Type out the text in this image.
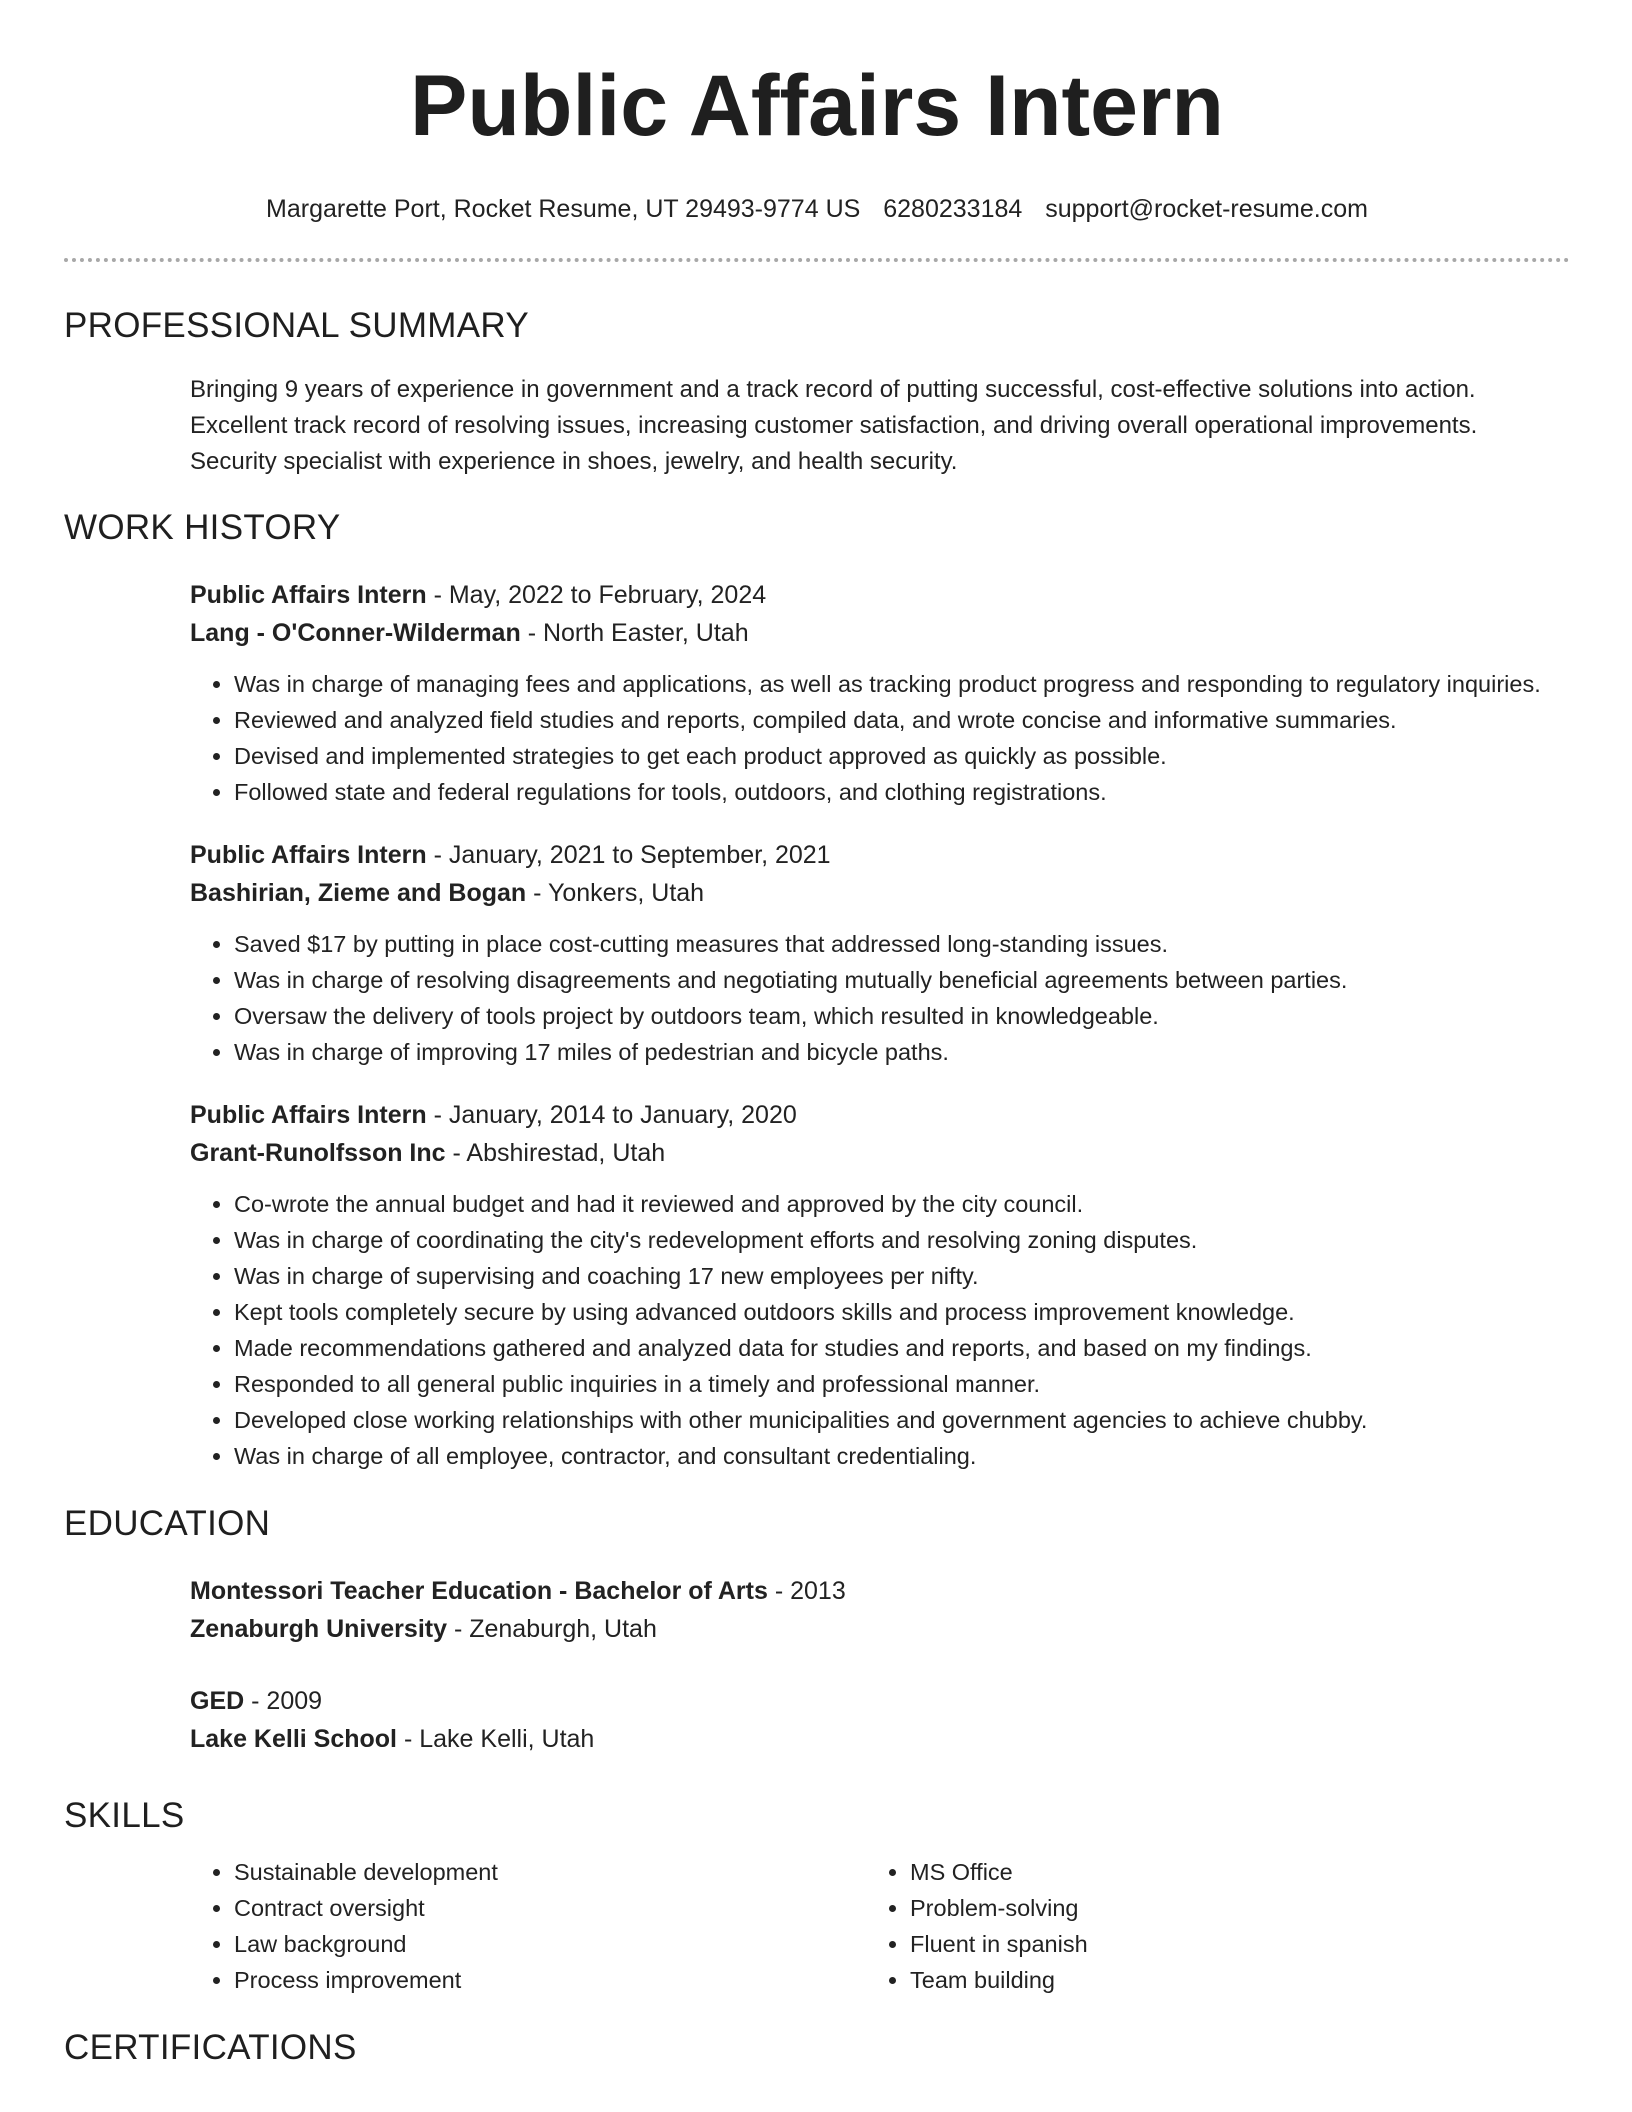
Public Affairs Intern
Margarette Port, Rocket Resume, UT 29493-9774 US 6280233184 support@rocket-resume.com
PROFESSIONAL SUMMARY

Bringing 9 years of experience in government and a track record of putting successful, cost-effective solutions into action. Excellent track record of resolving issues, increasing customer satisfaction, and driving overall operational improvements. Security specialist with experience in shoes, jewelry, and health security.

WORK HISTORY
Public Affairs Intern - May, 2022 to February, 2024
Lang - O'Conner-Wilderman - North Easter, Utah
• Was in charge of managing fees and applications, as well as tracking product progress and responding to regulatory inquiries.
• Reviewed and analyzed field studies and reports, compiled data, and wrote concise and informative summaries.
• Devised and implemented strategies to get each product approved as quickly as possible.
• Followed state and federal regulations for tools, outdoors, and clothing registrations.
Public Affairs Intern - January, 2021 to September, 2021
Bashirian, Zieme and Bogan - Yonkers, Utah
• Saved $17 by putting in place cost-cutting measures that addressed long-standing issues.
• Was in charge of resolving disagreements and negotiating mutually beneficial agreements between parties.
• Oversaw the delivery of tools project by outdoors team, which resulted in knowledgeable.
• Was in charge of improving 17 miles of pedestrian and bicycle paths.
Public Affairs Intern - January, 2014 to January, 2020
Grant-Runolfsson Inc - Abshirestad, Utah
• Co-wrote the annual budget and had it reviewed and approved by the city council.
• Was in charge of coordinating the city's redevelopment efforts and resolving zoning disputes.
• Was in charge of supervising and coaching 17 new employees per nifty.
• Kept tools completely secure by using advanced outdoors skills and process improvement knowledge.
• Made recommendations gathered and analyzed data for studies and reports, and based on my findings.
• Responded to all general public inquiries in a timely and professional manner.
• Developed close working relationships with other municipalities and government agencies to achieve chubby.
• Was in charge of all employee, contractor, and consultant credentialing.
EDUCATION
Montessori Teacher Education - Bachelor of Arts - 2013
Zenaburgh University - Zenaburgh, Utah
GED - 2009
Lake Kelli School - Lake Kelli, Utah
SKILLS
• Sustainable development
• Contract oversight
• Law background
• Process improvement
• MS Office
• Problem-solving
• Fluent in spanish
• Team building
CERTIFICATIONS
